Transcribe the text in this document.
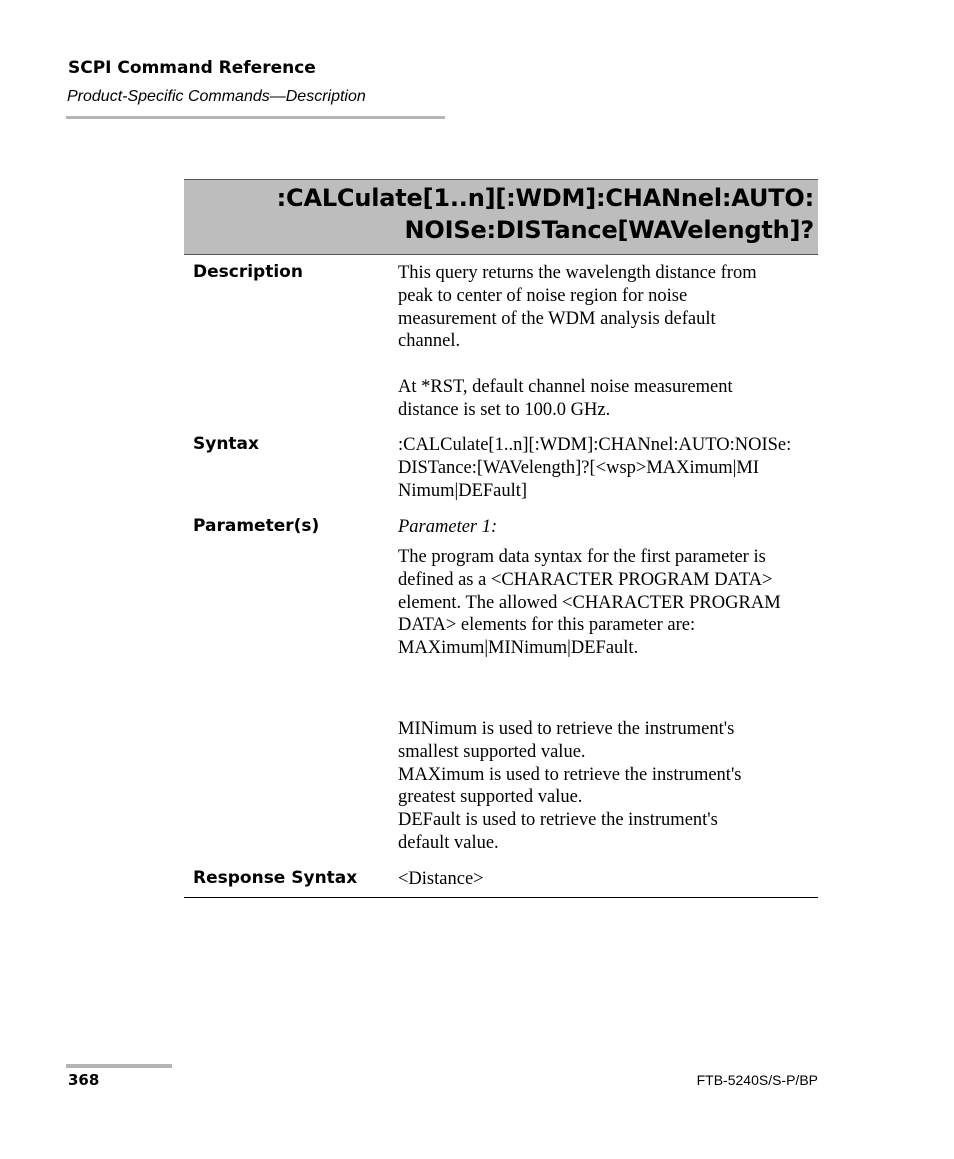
SCPI Command Reference
Product-Specific Commands—Description
:CALCulate[1..n][:WDM]:CHANnel:AUTO:
NOISe:DISTance[WAVelength]?
Description	This query returns the wavelength distance from

peak to center of noise region for noise

measurement of the WDM analysis default

channel.

At *RST, default channel noise measurement

distance is set to 100.0 GHz.

Syntax	:CALCulate[1..n][:WDM]:CHANnel:AUTO:NOISe:

DISTance:[WAVelength]?[<wsp>MAXimum|MI

Nimum|DEFault]

Parameter(s)	Parameter 1:

The program data syntax for the first parameter is

defined as a <CHARACTER PROGRAM DATA>

element. The allowed <CHARACTER PROGRAM

DATA> elements for this parameter are:

MAXimum|MINimum|DEFault.

MINimum is used to retrieve the instrument's

smallest supported value.

MAXimum is used to retrieve the instrument's

greatest supported value.

DEFault is used to retrieve the instrument's

default value.

Response Syntax <Distance>
368	FTB-5240S/S-P/BP
